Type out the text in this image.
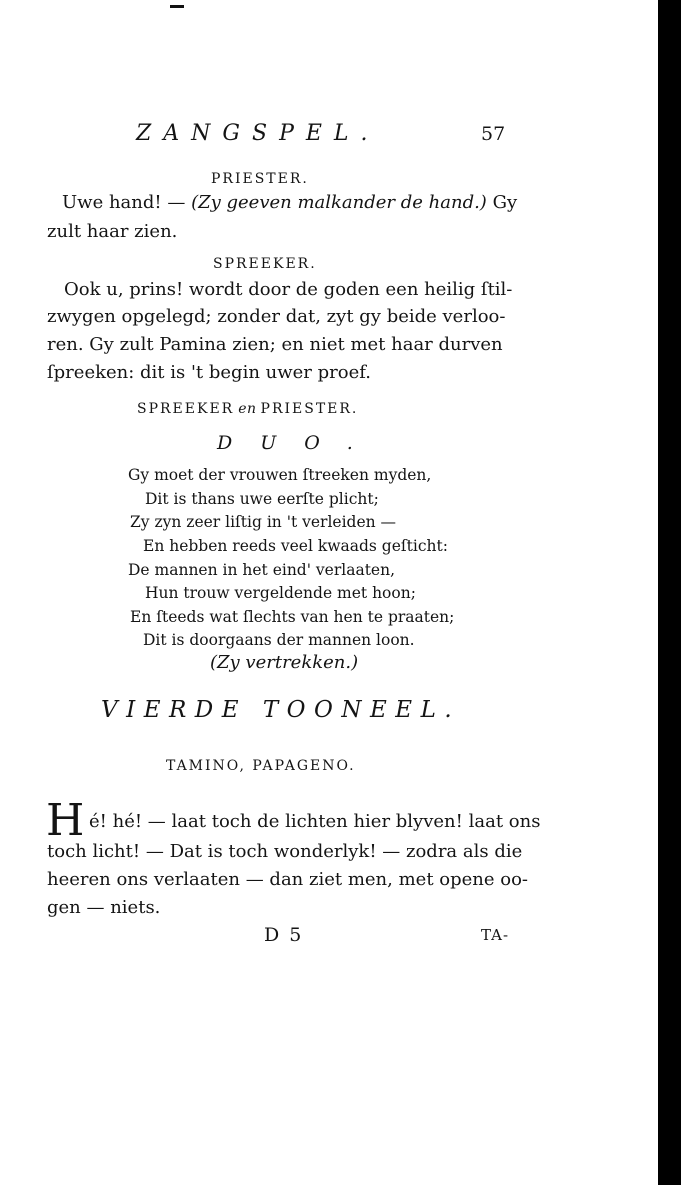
ZANGSPEL.	57
PRIESTER.
Uwe hand! — (Zy geeven malkander de hand.) Gy
zult haar zien.
SPREEKER.
Ook u, prins! wordt door de goden een heilig ſtil-
zwygen opgelegd; zonder dat, zyt gy beide verloo-
ren. Gy zult Pamina zien; en niet met haar durven
ſpreeken: dit is 't begin uwer proef.
SPREEKER en PRIESTER.
DUO.
Gy moet der vrouwen ſtreeken myden,
Dit is thans uwe eerſte plicht;
Zy zyn zeer liſtig in 't verleiden —
En hebben reeds veel kwaads geſticht:
De mannen in het eind' verlaaten,
Hun trouw vergeldende met hoon;
En ſteeds wat ſlechts van hen te praaten;
Dit is doorgaans der mannen loon.
(Zy vertrekken.)
VIERDE TOONEEL.
TAMINO, PAPAGENO.
H é! hé! — laat toch de lichten hier blyven! laat ons
toch licht! — Dat is toch wonderlyk! — zodra als die
heeren ons verlaaten — dan ziet men, met opene oo-
gen — niets.
D 5	TA-
